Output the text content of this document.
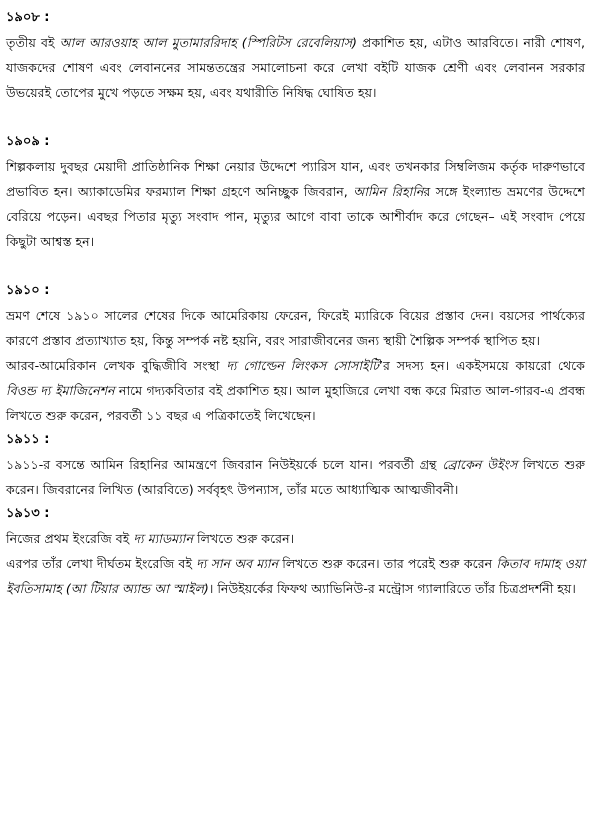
১৯০৮ :

তৃতীয় বই আল আরওয়াহ আল মুতামাররিদাহ (স্পিরিটস রেবেলিয়াস) প্রকাশিত হয়, এটাও আরবিতে। নারী শোষণ, যাজকদের শোষণ এবং লেবাননের সামন্ততন্ত্রের সমালোচনা করে লেখা বইটি যাজক শ্রেণী এবং লেবানন সরকার উভয়েরই তোপের মুখে পড়তে সক্ষম হয়, এবং যথারীতি নিষিদ্ধ ঘোষিত হয়।

১৯০৯ :

শিল্পকলায় দুবছর মেয়াদী প্রাতিষ্ঠানিক শিক্ষা নেয়ার উদ্দেশে প্যারিস যান, এবং তখনকার সিম্বলিজম কর্তৃক দারুণভাবে প্রভাবিত হন। অ্যাকাডেমির ফরম্যাল শিক্ষা গ্রহণে অনিচ্ছুক জিবরান, আমিন রিহানির সঙ্গে ইংল্যান্ড ভ্রমণের উদ্দেশে বেরিয়ে পড়েন। এবছর পিতার মৃত্যু সংবাদ পান, মৃত্যুর আগে বাবা তাকে আশীর্বাদ করে গেছেন– এই সংবাদ পেয়ে কিছুটা আশ্বস্ত হন।

১৯১০ :

ভ্রমণ শেষে ১৯১০ সালের শেষের দিকে আমেরিকায় ফেরেন, ফিরেই ম্যারিকে বিয়ের প্রস্তাব দেন। বয়সের পার্থক্যের কারণে প্রস্তাব প্রত্যাখ্যাত হয়, কিন্তু সম্পর্ক নষ্ট হয়নি, বরং সারাজীবনের জন্য স্থায়ী শৈল্পিক সম্পর্ক স্থাপিত হয়।

আরব-আমেরিকান লেখক বুদ্ধিজীবি সংস্থা দ্য গোল্ডেন লিংকস সোসাইটি’র সদস্য হন। একইসময়ে কায়রো থেকে বিওন্ড দ্য ইমাজিনেশন নামে গদ্যকবিতার বই প্রকাশিত হয়। আল মুহাজিরে লেখা বন্ধ করে মিরাত আল-গারব-এ প্রবন্ধ লিখতে শুরু করেন, পরবর্তী ১১ বছর এ পত্রিকাতেই লিখেছেন।

১৯১১ :

১৯১১-র বসন্তে আমিন রিহানির আমন্ত্রণে জিবরান নিউইয়র্কে চলে যান। পরবর্তী গ্রন্থ ব্রোকেন উইংস লিখতে শুরু করেন। জিবরানের লিখিত (আরবিতে) সর্ববৃহৎ উপন্যাস, তাঁর মতে আধ্যাত্মিক আত্মজীবনী।

১৯১৩ :

নিজের প্রথম ইংরেজি বই দ্য ম্যাডম্যান লিখতে শুরু করেন।

এরপর তাঁর লেখা দীর্ঘতম ইংরেজি বই দ্য সান অব ম্যান লিখতে শুরু করেন। তার পরেই শুরু করেন কিতাব দামাহ ওয়া ইবতিসামাহ (আ টিয়ার অ্যান্ড আ স্মাইল)। নিউইয়র্কের ফিফথ অ্যাভিনিউ-র মন্ট্রোস গ্যালারিতে তাঁর চিত্রপ্রদর্শনী হয়।
